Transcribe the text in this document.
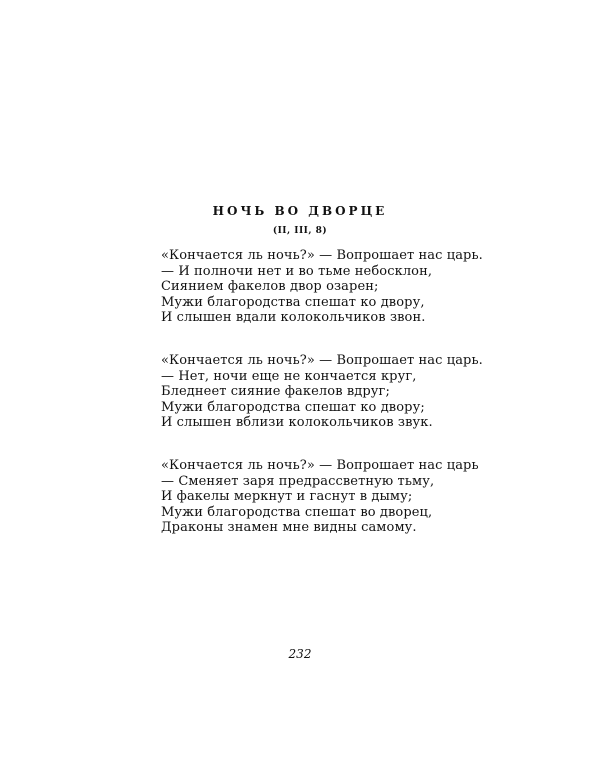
НОЧЬ ВО ДВОРЦЕ
(II, III, 8)
«Кончается ль ночь?» — Вопрошает нас царь.
— И полночи нет и во тьме небосклон,
Сиянием факелов двор озарен;
Мужи благородства спешат ко двору,
И слышен вдали колокольчиков звон.
«Кончается ль ночь?» — Вопрошает нас царь.
— Нет, ночи еще не кончается круг,
Бледнеет сияние факелов вдруг;
Мужи благородства спешат ко двору;
И слышен вблизи колокольчиков звук.
«Кончается ль ночь?» — Вопрошает нас царь
— Сменяет заря предрассветную тьму,
И факелы меркнут и гаснут в дыму;
Мужи благородства спешат во дворец,
Драконы знамен мне видны самому.
232
